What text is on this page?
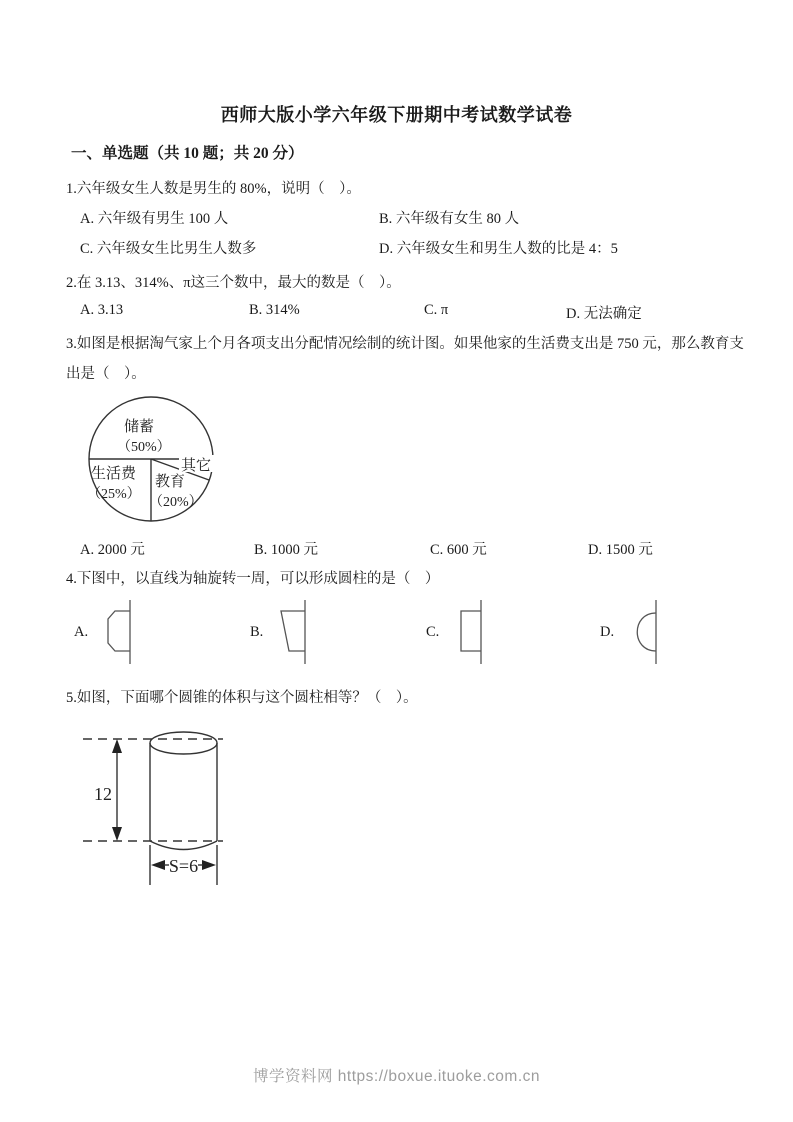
西师大版小学六年级下册期中考试数学试卷
一、单选题（共 10 题；共 20 分）
1.六年级女生人数是男生的 80%，说明（　）。
A. 六年级有男生 100 人	B. 六年级有女生 80 人
C. 六年级女生比男生人数多	D. 六年级女生和男生人数的比是 4：5
2.在 3.13、314%、π这三个数中，最大的数是（　）。
A. 3.13	B. 314%	C. π	D. 无法确定
3.如图是根据淘气家上个月各项支出分配情况绘制的统计图。如果他家的生活费支出是 750 元，那么教育支
出是（　）。
储蓄
（50%）
生活费
（25%）
教育
（20%）
其它
A. 2000 元	B. 1000 元	C. 600 元	D. 1500 元
4.下图中，以直线为轴旋转一周，可以形成圆柱的是（　）
A.	B.	C.	D.
5.如图，下面哪个圆锥的体积与这个圆柱相等？（　）。
12
S=6
博学资料网 https://boxue.ituoke.com.cn
